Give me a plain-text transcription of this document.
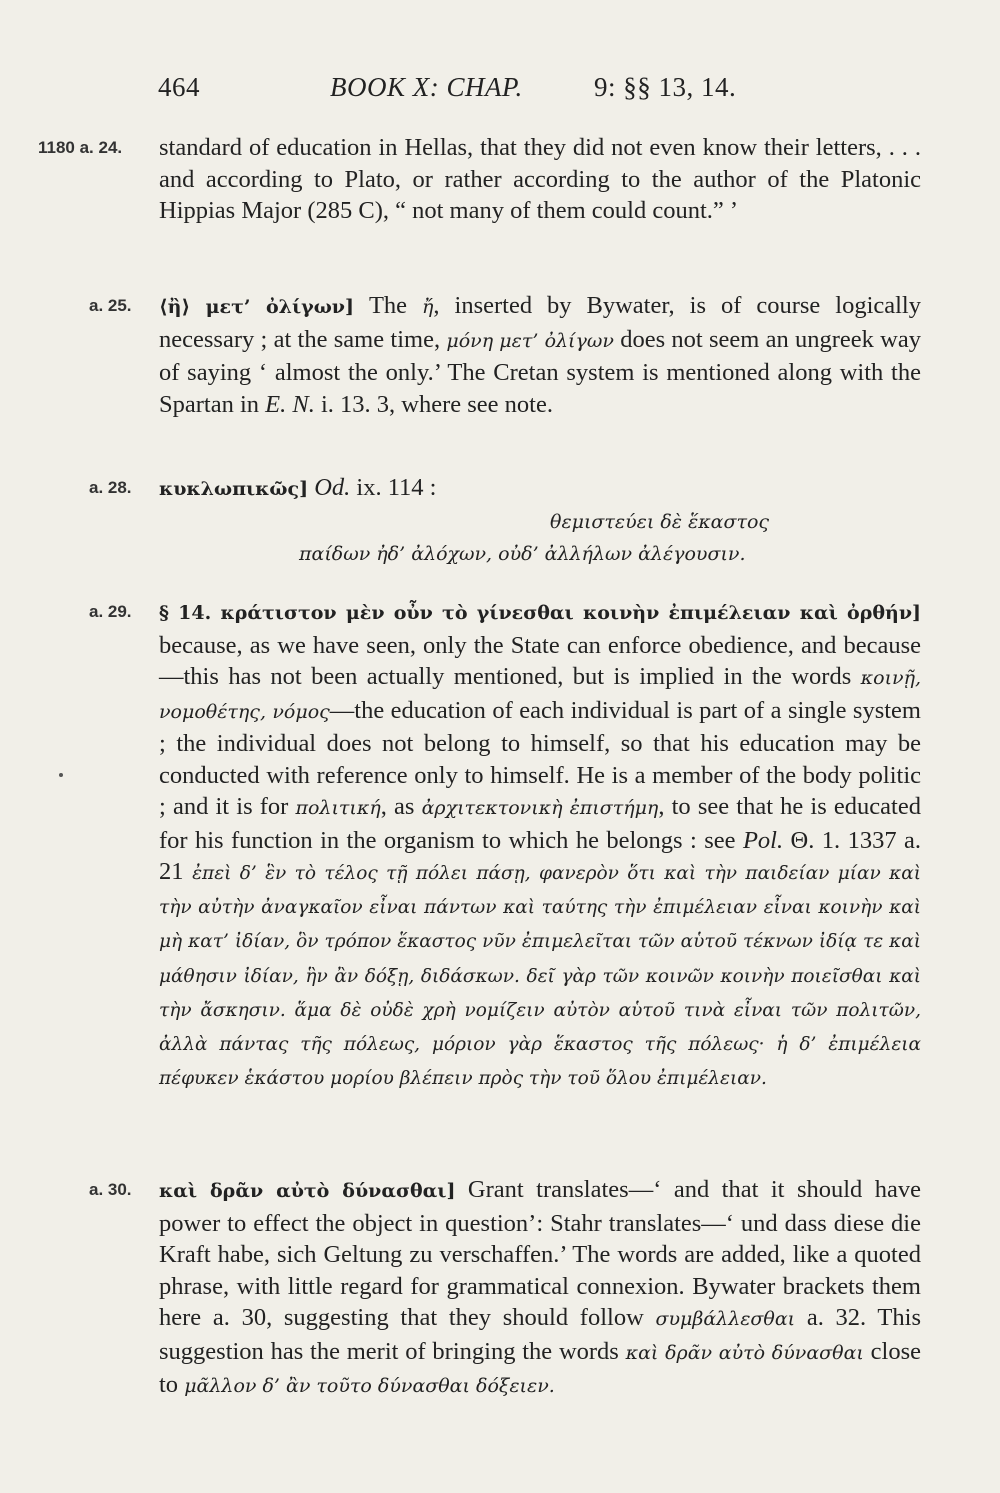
464	BOOK X: CHAP.	9: §§ 13, 14.
1180 a. 24. standard of education in Hellas, that they did not even know their letters, . . . and according to Plato, or rather according to the author of the Platonic Hippias Major (285 C), “ not many of them could count.” ’
a. 25. ⟨ἢ⟩ μετ’ ὀλίγων] The ἤ, inserted by Bywater, is of course logically necessary ; at the same time, μόνη μετ’ ὀλίγων does not seem an ungreek way of saying ‘ almost the only.’ The Cretan system is mentioned along with the Spartan in E. N. i. 13. 3, where see note.
a. 28. κυκλωπικῶς] Od. ix. 114 :
θεμιστεύει δὲ ἕκαστος
παίδων ἠδ’ ἀλόχων, οὐδ’ ἀλλήλων ἀλέγουσιν.
a. 29. § 14. κράτιστον μὲν οὖν τὸ γίνεσθαι κοινὴν ἐπιμέλειαν καὶ ὀρθήν] because, as we have seen, only the State can enforce obedience, and because—this has not been actually mentioned, but is implied in the words κοινῇ, νομοθέτης, νόμος—the education of each individual is part of a single system ; the individual does not belong to himself, so that his education may be conducted with reference only to himself. He is a member of the body politic ; and it is for πολιτική, as ἀρχιτεκτονικὴ ἐπιστήμη, to see that he is educated for his function in the organism to which he belongs : see Pol. Θ. 1. 1337 a. 21 ἐπεὶ δ’ ἓν τὸ τέλος τῇ πόλει πάσῃ, φανερὸν ὅτι καὶ τὴν παιδείαν μίαν καὶ τὴν αὐτὴν ἀναγκαῖον εἶναι πάντων καὶ ταύτης τὴν ἐπιμέλειαν εἶναι κοινὴν καὶ μὴ κατ’ ἰδίαν, ὃν τρόπον ἕκαστος νῦν ἐπιμελεῖται τῶν αὑτοῦ τέκνων ἰδίᾳ τε καὶ μάθησιν ἰδίαν, ἣν ἂν δόξῃ, διδάσκων. δεῖ γὰρ τῶν κοινῶν κοινὴν ποιεῖσθαι καὶ τὴν ἄσκησιν. ἅμα δὲ οὐδὲ χρὴ νομίζειν αὐτὸν αὑτοῦ τινὰ εἶναι τῶν πολιτῶν, ἀλλὰ πάντας τῆς πόλεως, μόριον γὰρ ἕκαστος τῆς πόλεως· ἡ δ’ ἐπιμέλεια πέφυκεν ἑκάστου μορίου βλέπειν πρὸς τὴν τοῦ ὅλου ἐπιμέλειαν.
a. 30. καὶ δρᾶν αὐτὸ δύνασθαι] Grant translates—‘ and that it should have power to effect the object in question’: Stahr translates—‘ und dass diese die Kraft habe, sich Geltung zu verschaffen.’ The words are added, like a quoted phrase, with little regard for grammatical connexion. Bywater brackets them here a. 30, suggesting that they should follow συμβάλλεσθαι a. 32. This suggestion has the merit of bringing the words καὶ δρᾶν αὐτὸ δύνασθαι close to μᾶλλον δ’ ἂν τοῦτο δύνασθαι δόξειεν.
